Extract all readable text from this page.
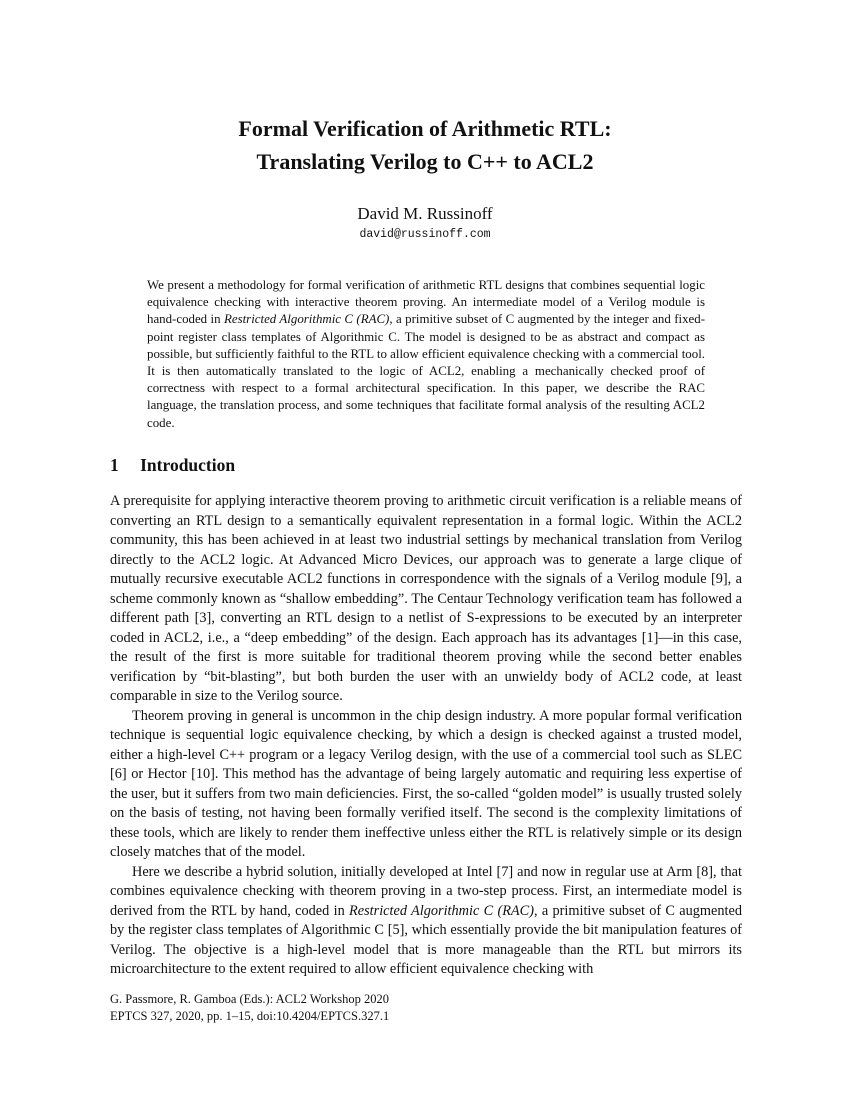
Formal Verification of Arithmetic RTL:
Translating Verilog to C++ to ACL2
David M. Russinoff
david@russinoff.com
We present a methodology for formal verification of arithmetic RTL designs that combines sequential logic equivalence checking with interactive theorem proving. An intermediate model of a Verilog module is hand-coded in Restricted Algorithmic C (RAC), a primitive subset of C augmented by the integer and fixed-point register class templates of Algorithmic C. The model is designed to be as abstract and compact as possible, but sufficiently faithful to the RTL to allow efficient equivalence checking with a commercial tool. It is then automatically translated to the logic of ACL2, enabling a mechanically checked proof of correctness with respect to a formal architectural specification. In this paper, we describe the RAC language, the translation process, and some techniques that facilitate formal analysis of the resulting ACL2 code.
1 Introduction

A prerequisite for applying interactive theorem proving to arithmetic circuit verification is a reliable means of converting an RTL design to a semantically equivalent representation in a formal logic. Within the ACL2 community, this has been achieved in at least two industrial settings by mechanical translation from Verilog directly to the ACL2 logic. At Advanced Micro Devices, our approach was to generate a large clique of mutually recursive executable ACL2 functions in correspondence with the signals of a Verilog module [9], a scheme commonly known as “shallow embedding”. The Centaur Technology verification team has followed a different path [3], converting an RTL design to a netlist of S-expressions to be executed by an interpreter coded in ACL2, i.e., a “deep embedding” of the design. Each approach has its advantages [1]—in this case, the result of the first is more suitable for traditional theorem proving while the second better enables verification by “bit-blasting”, but both burden the user with an unwieldy body of ACL2 code, at least comparable in size to the Verilog source.

Theorem proving in general is uncommon in the chip design industry. A more popular formal verification technique is sequential logic equivalence checking, by which a design is checked against a trusted model, either a high-level C++ program or a legacy Verilog design, with the use of a commercial tool such as SLEC [6] or Hector [10]. This method has the advantage of being largely automatic and requiring less expertise of the user, but it suffers from two main deficiencies. First, the so-called “golden model” is usually trusted solely on the basis of testing, not having been formally verified itself. The second is the complexity limitations of these tools, which are likely to render them ineffective unless either the RTL is relatively simple or its design closely matches that of the model.

Here we describe a hybrid solution, initially developed at Intel [7] and now in regular use at Arm [8], that combines equivalence checking with theorem proving in a two-step process. First, an intermediate model is derived from the RTL by hand, coded in Restricted Algorithmic C (RAC), a primitive subset of C augmented by the register class templates of Algorithmic C [5], which essentially provide the bit manipulation features of Verilog. The objective is a high-level model that is more manageable than the RTL but mirrors its microarchitecture to the extent required to allow efficient equivalence checking with

G. Passmore, R. Gamboa (Eds.): ACL2 Workshop 2020
EPTCS 327, 2020, pp. 1–15, doi:10.4204/EPTCS.327.1
